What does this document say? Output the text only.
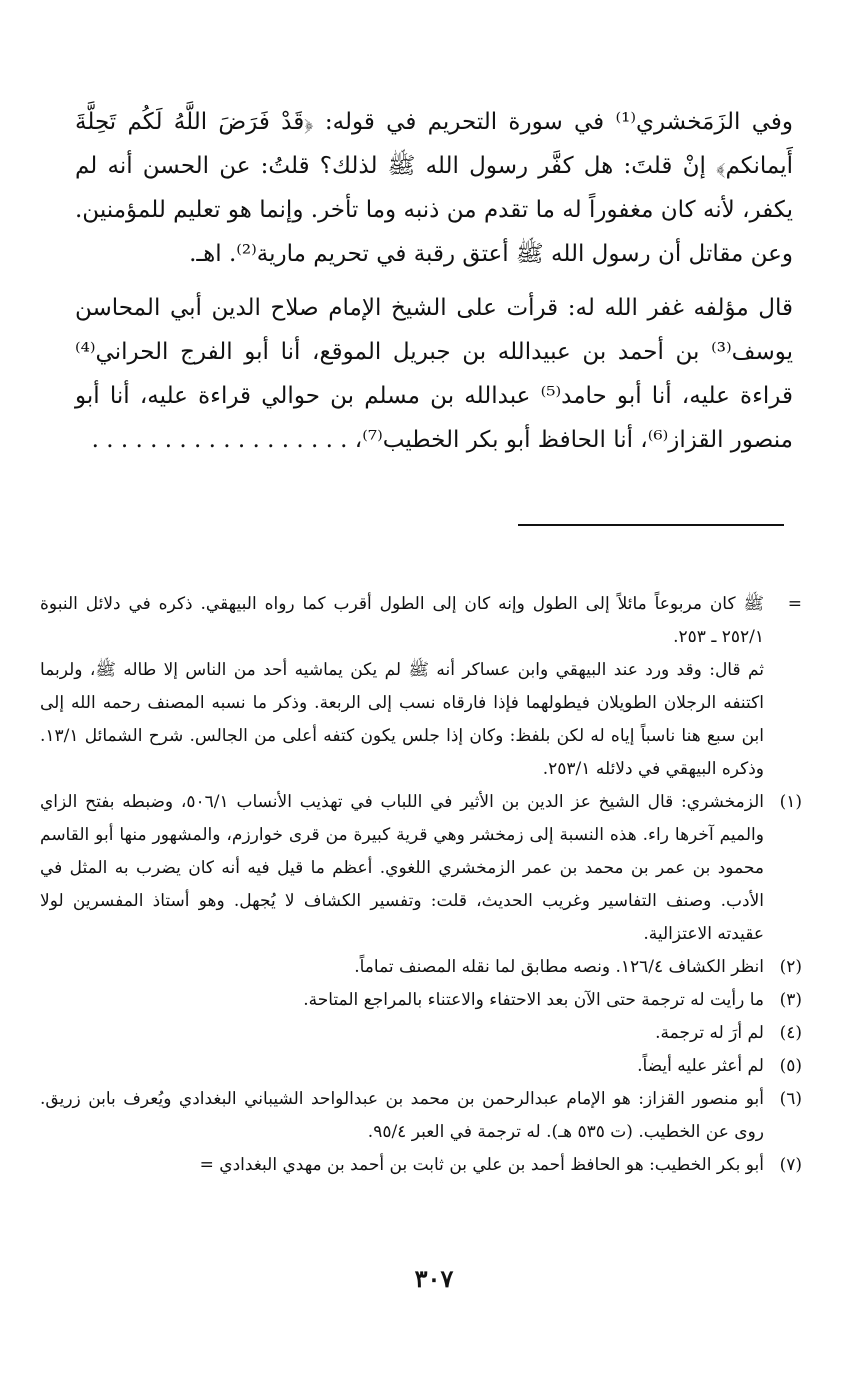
وفي الزَمَخشري⁽¹⁾ في سورة التحريم في قوله: ﴿قَدْ فَرَضَ اللَّهُ لَكُم تَحِلَّةَ أَيمانكم﴾ إنْ قلتَ: هل كفَّر رسول الله ﷺ لذلك؟ قلتُ: عن الحسن أنه لم يكفر، لأنه كان مغفوراً له ما تقدم من ذنبه وما تأخر. وإنما هو تعليم للمؤمنين. وعن مقاتل أن رسول الله ﷺ أعتق رقبة في تحريم مارية⁽²⁾. اهـ.

قال مؤلفه غفر الله له: قرأت على الشيخ الإمام صلاح الدين أبي المحاسن يوسف⁽³⁾ بن أحمد بن عبيدالله بن جبريل الموقع، أنا أبو الفرج الحراني⁽⁴⁾ قراءة عليه، أنا أبو حامد⁽⁵⁾ عبدالله بن مسلم بن حوالي قراءة عليه، أنا أبو منصور القزاز⁽⁶⁾، أنا الحافظ أبو بكر الخطيب⁽⁷⁾، . . . . . . . . . . . . . . . . . .

=
ﷺ كان مربوعاً مائلاً إلى الطول وإنه كان إلى الطول أقرب كما رواه البيهقي. ذكره في دلائل النبوة ٢٥٢/١ ـ ٢٥٣.
ثم قال: وقد ورد عند البيهقي وابن عساكر أنه ﷺ لم يكن يماشيه أحد من الناس إلا طاله ﷺ، ولربما اكتنفه الرجلان الطويلان فيطولهما فإذا فارقاه نسب إلى الربعة. وذكر ما نسبه المصنف رحمه الله إلى ابن سبع هنا ناسباً إياه له لكن بلفظ: وكان إذا جلس يكون كتفه أعلى من الجالس. شرح الشمائل ١٣/١. وذكره البيهقي في دلائله ٢٥٣/١.
(١)
الزمخشري: قال الشيخ عز الدين بن الأثير في اللباب في تهذيب الأنساب ٥٠٦/١، وضبطه بفتح الزاي والميم آخرها راء. هذه النسبة إلى زمخشر وهي قرية كبيرة من قرى خوارزم، والمشهور منها أبو القاسم محمود بن عمر بن محمد بن عمر الزمخشري اللغوي. أعظم ما قيل فيه أنه كان يضرب به المثل في الأدب. وصنف التفاسير وغريب الحديث، قلت: وتفسير الكشاف لا يُجهل. وهو أستاذ المفسرين لولا عقيدته الاعتزالية.
(٢)
انظر الكشاف ١٢٦/٤. ونصه مطابق لما نقله المصنف تماماً.
(٣)
ما رأيت له ترجمة حتى الآن بعد الاحتفاء والاعتناء بالمراجع المتاحة.
(٤)
لم أرَ له ترجمة.
(٥)
لم أعثر عليه أيضاً.
(٦)
أبو منصور القزاز: هو الإمام عبدالرحمن بن محمد بن عبدالواحد الشيباني البغدادي ويُعرف بابن زريق. روى عن الخطيب. (ت ٥٣٥ هـ). له ترجمة في العبر ٩٥/٤.
(٧)
أبو بكر الخطيب: هو الحافظ أحمد بن علي بن ثابت بن أحمد بن مهدي البغدادي =
٣٠٧
